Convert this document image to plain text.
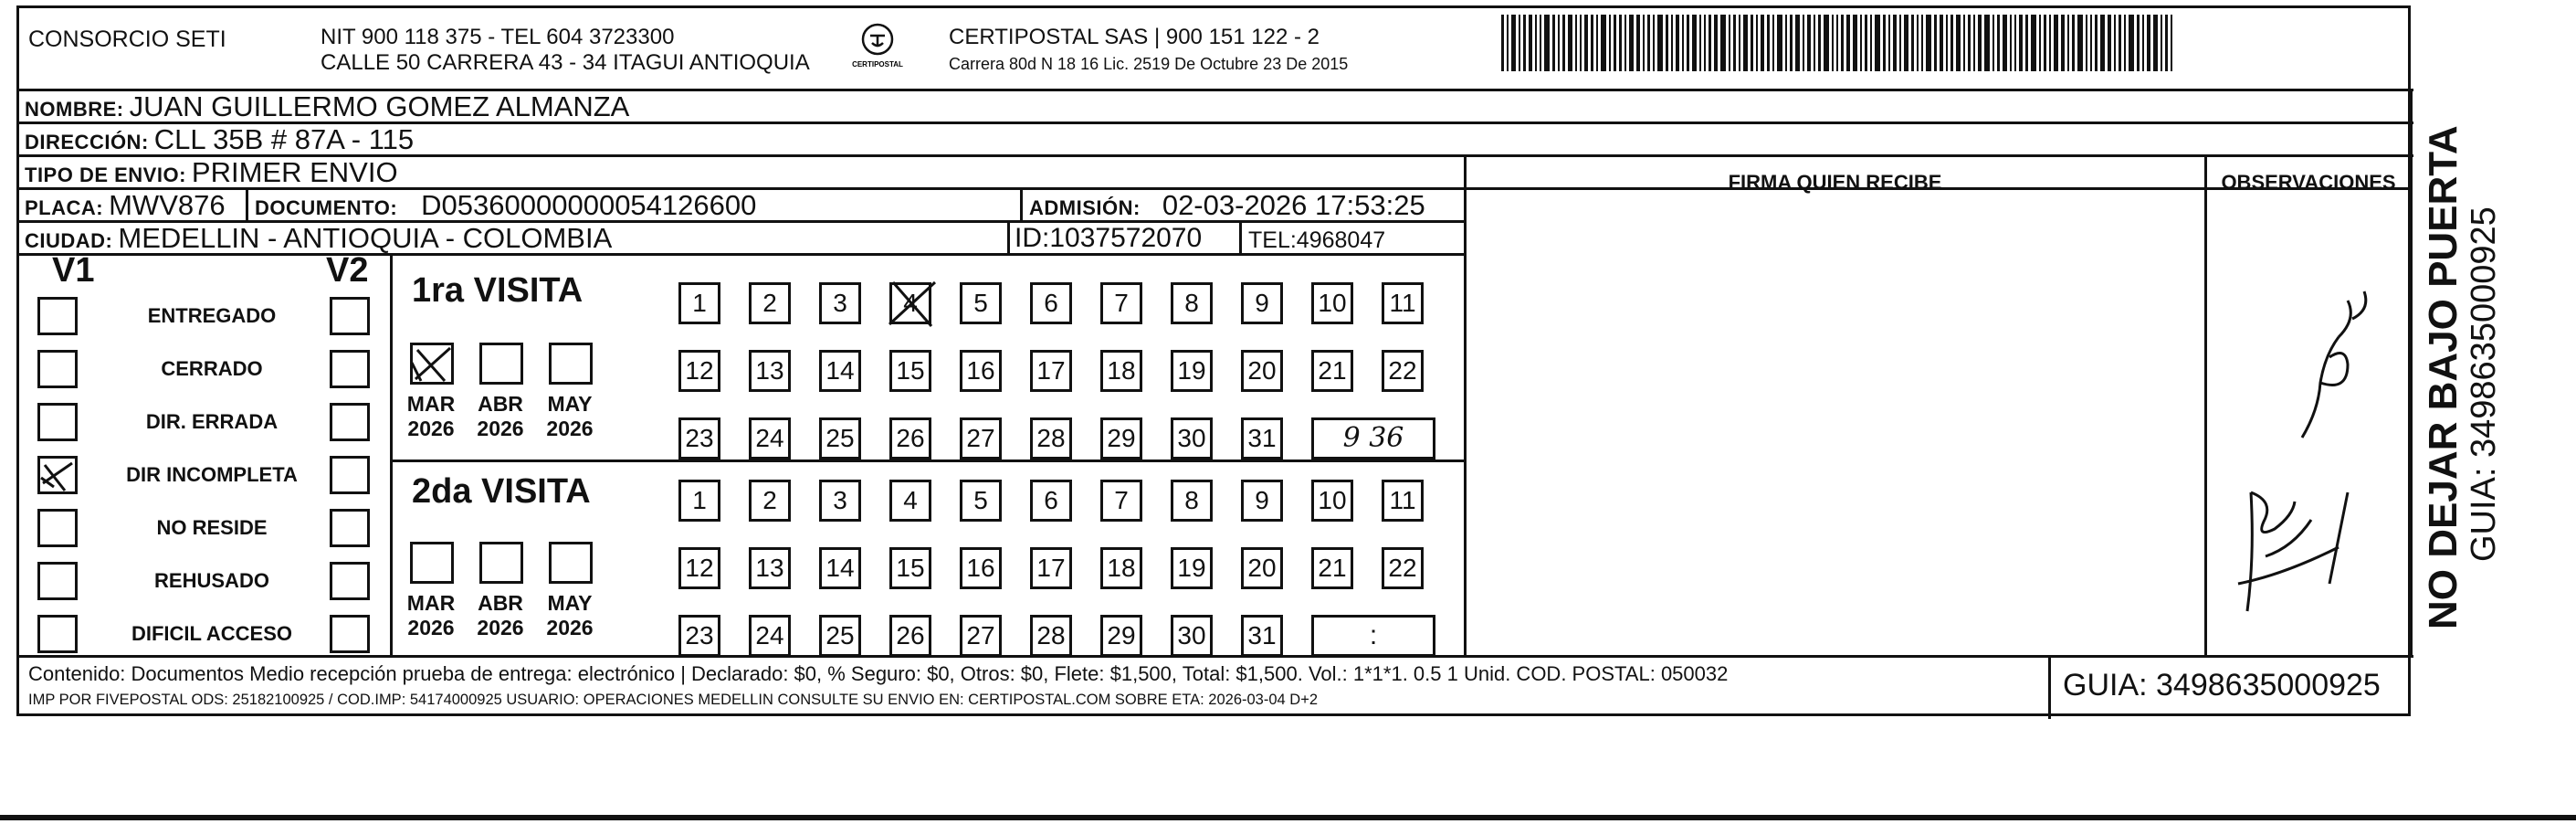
CONSORCIO SETI	NIT 900 118 375 - TEL 604 3723300
CALLE 50 CARRERA 43 - 34 ITAGUI ANTIOQUIA	CERTIPOSTAL
CERTIPOSTAL SAS | 900 151 122 - 2
Carrera 80d N 18 16 Lic. 2519 De Octubre 23 De 2015
NOMBRE: JUAN GUILLERMO GOMEZ ALMANZA
DIRECCIÓN: CLL 35B # 87A - 115
TIPO DE ENVIO: PRIMER ENVIO
PLACA: MWV876 DOCUMENTO: D05360000000054126600	ADMISIÓN: 02-03-2026 17:53:25
CIUDAD: MEDELLIN - ANTIOQUIA - COLOMBIA	ID:1037572070 TEL:4968047
FIRMA QUIEN RECIBE	OBSERVACIONES
V1	V2
ENTREGADO
CERRADO
DIR. ERRADA
DIR INCOMPLETA
NO RESIDE
REHUSADO
DIFICIL ACCESO
1ra VISITA
MAR
2026
ABR
2026
MAY
2026
1	2	3	4	5	6	7	8	9	10	11
12 13 14 15 16 17 18 19 20 21 22
23 24 25 26 27 28 29 30 31	9 36
2da VISITA
MAR
2026
ABR
2026
MAY
2026
1	2	3	4	5	6	7	8	9	10	11
12 13 14 15 16 17 18 19 20 21 22
23 24 25 26 27 28 29 30 31	:
Contenido: Documentos Medio recepción prueba de entrega: electrónico | Declarado: $0, % Seguro: $0, Otros: $0, Flete: $1,500, Total: $1,500. Vol.: 1*1*1. 0.5 1 Unid. COD. POSTAL: 050032
IMP POR FIVEPOSTAL ODS: 25182100925 / COD.IMP: 54174000925 USUARIO: OPERACIONES MEDELLIN CONSULTE SU ENVIO EN: CERTIPOSTAL.COM SOBRE ETA: 2026-03-04 D+2	GUIA: 3498635000925
NO DEJAR BAJO PUERTA GUIA: 3498635000925
